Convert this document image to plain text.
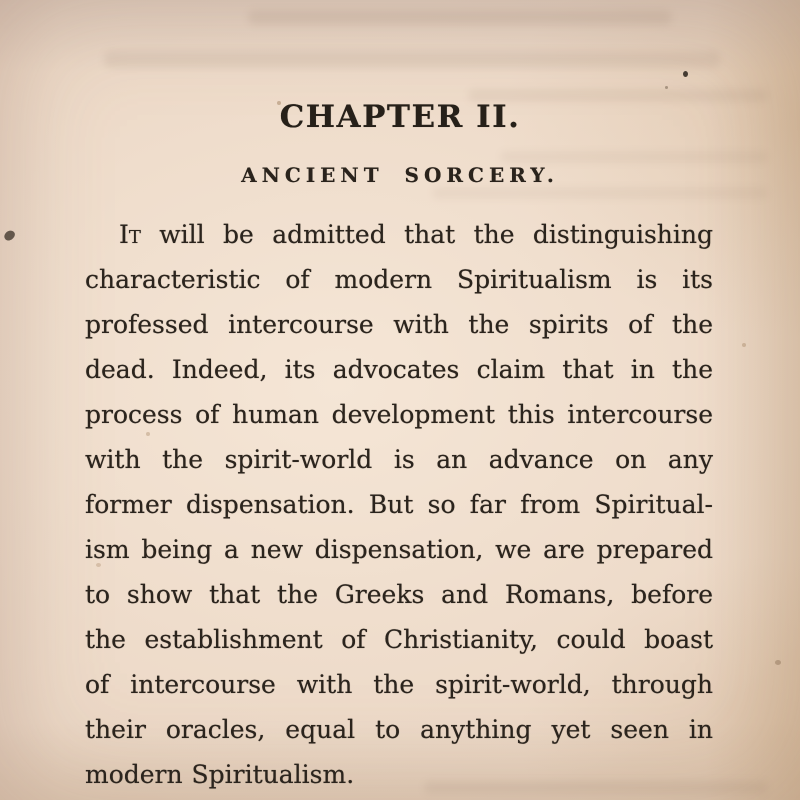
CHAPTER II.
ANCIENT SORCERY.
It will be admitted that the distinguishing
characteristic of modern Spiritualism is its
professed intercourse with the spirits of the
dead. Indeed, its advocates claim that in the
process of human development this intercourse
with the spirit-world is an advance on any
former dispensation. But so far from Spiritual-
ism being a new dispensation, we are prepared
to show that the Greeks and Romans, before
the establishment of Christianity, could boast
of intercourse with the spirit-world, through
their oracles, equal to anything yet seen in
modern Spiritualism.
